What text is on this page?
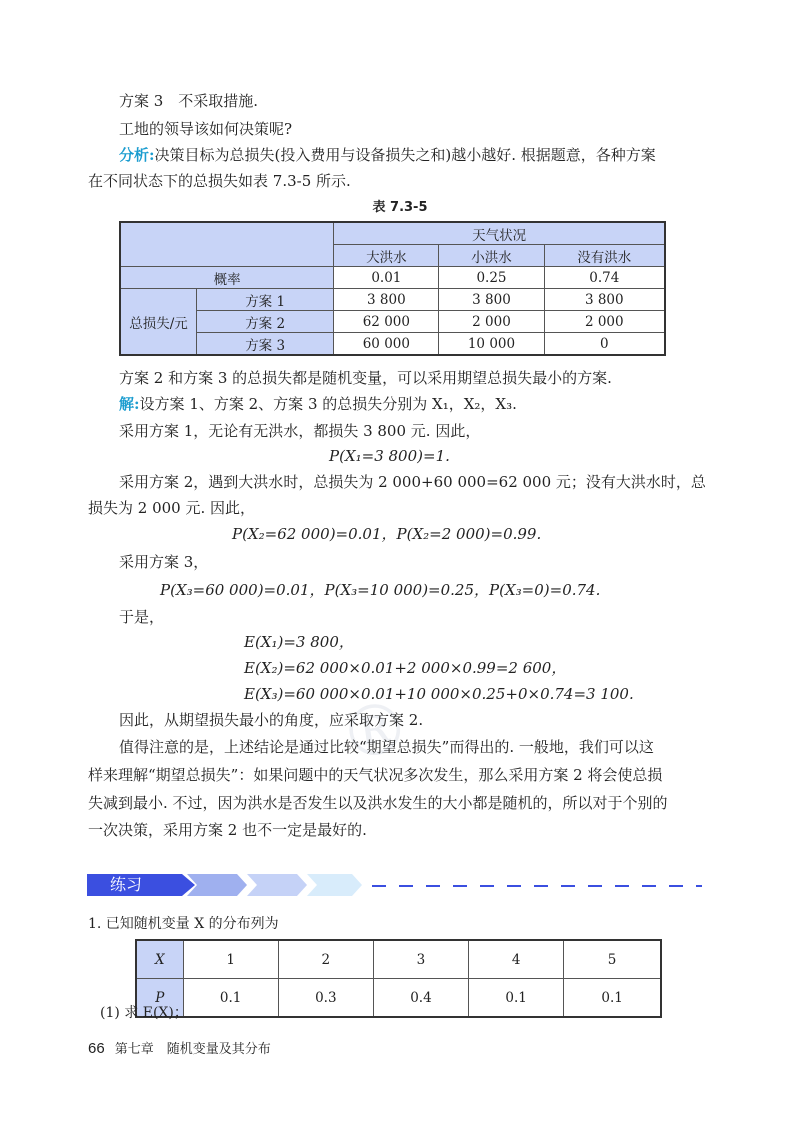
®
方案 3　不采取措施.
工地的领导该如何决策呢?
分析:决策目标为总损失(投入费用与设备损失之和)越小越好. 根据题意，各种方案
在不同状态下的总损失如表 7.3-5 所示.
表 7.3-5
		天气状况		
		大洪水	小洪水	没有洪水
概率		0.01	0.25	0.74
总损失/元	方案 1	3 800	3 800	3 800
	方案 2	62 000	2 000	2 000
	方案 3	60 000	10 000	0
方案 2 和方案 3 的总损失都是随机变量，可以采用期望总损失最小的方案.
解:设方案 1、方案 2、方案 3 的总损失分别为 X₁，X₂，X₃.
采用方案 1，无论有无洪水，都损失 3 800 元. 因此，
P(X₁=3 800)=1.
采用方案 2，遇到大洪水时，总损失为 2 000+60 000=62 000 元；没有大洪水时，总
损失为 2 000 元. 因此，
P(X₂=62 000)=0.01，P(X₂=2 000)=0.99.
采用方案 3，
P(X₃=60 000)=0.01，P(X₃=10 000)=0.25，P(X₃=0)=0.74.
于是，
E(X₁)=3 800，
E(X₂)=62 000×0.01+2 000×0.99=2 600，
E(X₃)=60 000×0.01+10 000×0.25+0×0.74=3 100.
因此，从期望损失最小的角度，应采取方案 2.
值得注意的是，上述结论是通过比较“期望总损失”而得出的. 一般地，我们可以这
样来理解“期望总损失”：如果问题中的天气状况多次发生，那么采用方案 2 将会使总损
失减到最小. 不过，因为洪水是否发生以及洪水发生的大小都是随机的，所以对于个别的
一次决策，采用方案 2 也不一定是最好的.
练习
1. 已知随机变量 X 的分布列为
X	1	2	3	4	5
P	0.1	0.3	0.4	0.1	0.1
(1) 求 E(X)；
66 第七章　随机变量及其分布
